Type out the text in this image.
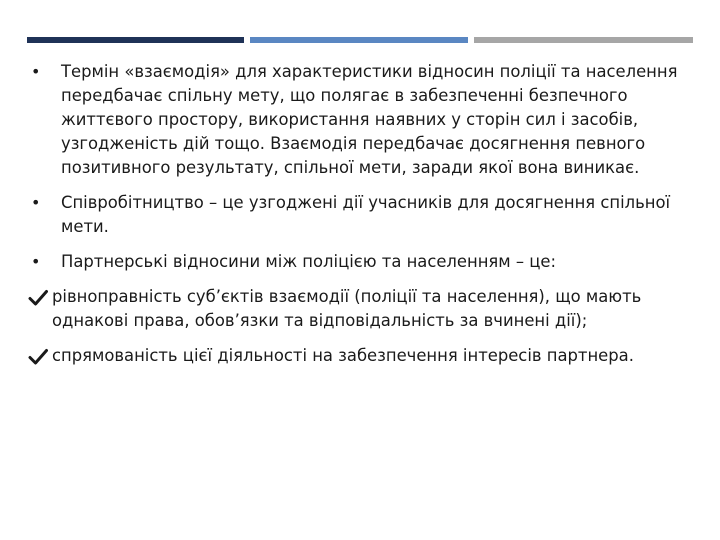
•	Термін «взаємодія» для характеристики відносин поліції та населення передбачає спільну мету, що полягає в забезпеченні безпечного життєвого простору, використання наявних у сторін сил і засобів, узгодженість дій тощо. Взаємодія передбачає досягнення певного позитивного результату, спільної мети, заради якої вона виникає.
•	Співробітництво – це узгоджені дії учасників для досягнення спільної мети.
•	Партнерські відносини між поліцією та населенням – це:
рівноправність суб’єктів взаємодії (поліції та населення), що мають однакові права, обов’язки та відповідальність за вчинені дії);
спрямованість цієї діяльності на забезпечення інтересів партнера.
